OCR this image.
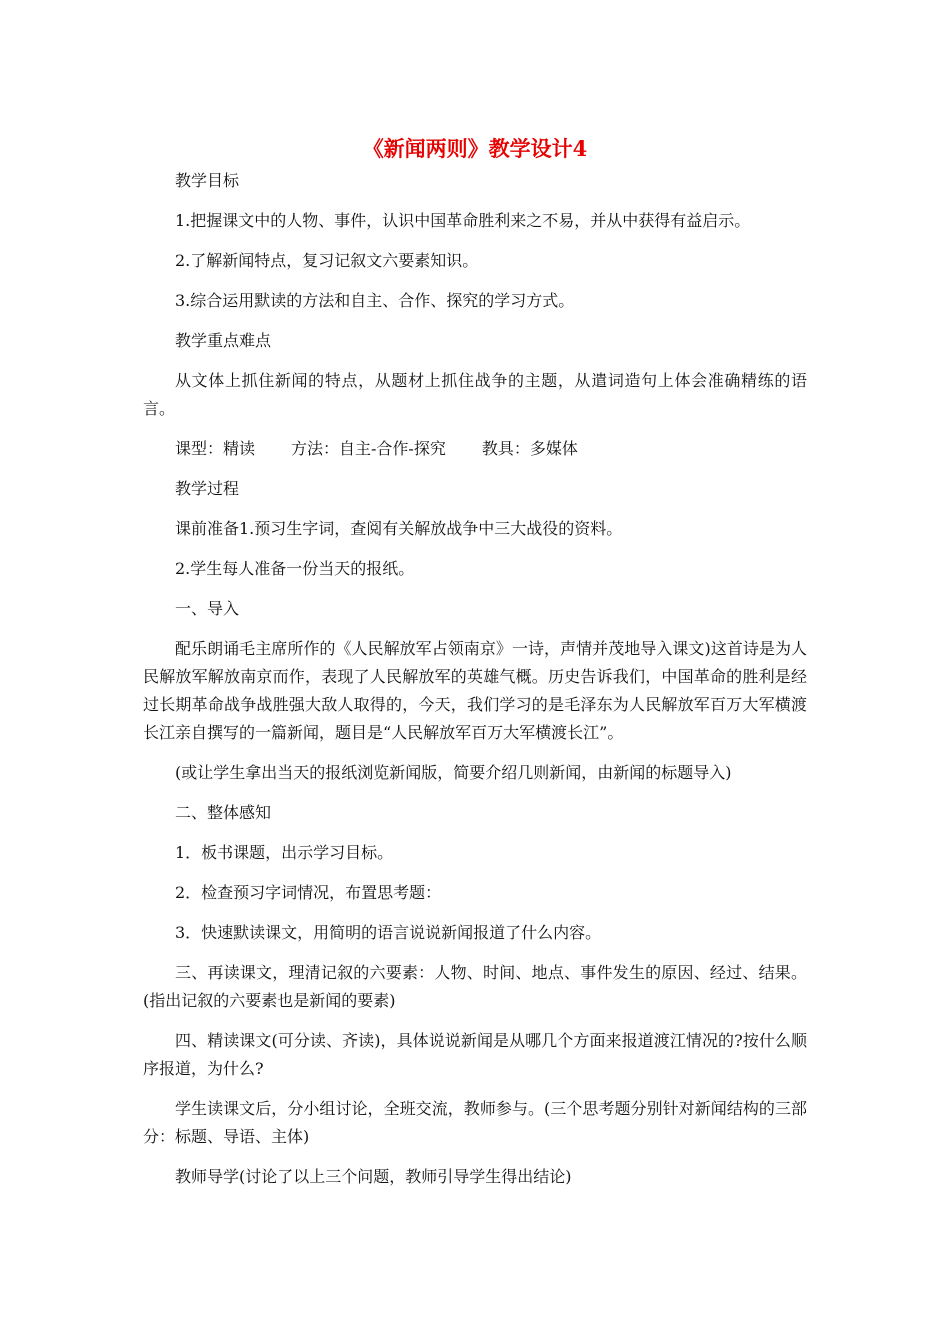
《新闻两则》教学设计4

教学目标

1.把握课文中的人物、事件，认识中国革命胜利来之不易，并从中获得有益启示。

2.了解新闻特点，复习记叙文六要素知识。

3.综合运用默读的方法和自主、合作、探究的学习方式。

教学重点难点

从文体上抓住新闻的特点，从题材上抓住战争的主题，从遣词造句上体会准确精练的语言。

课型：精读 方法：自主-合作-探究 教具：多媒体

教学过程

课前准备1.预习生字词，查阅有关解放战争中三大战役的资料。

2.学生每人准备一份当天的报纸。

一、导入

配乐朗诵毛主席所作的《人民解放军占领南京》一诗，声情并茂地导入课文)这首诗是为人民解放军解放南京而作，表现了人民解放军的英雄气概。历史告诉我们，中国革命的胜利是经过长期革命战争战胜强大敌人取得的，今天，我们学习的是毛泽东为人民解放军百万大军横渡长江亲自撰写的一篇新闻，题目是“人民解放军百万大军横渡长江”。

(或让学生拿出当天的报纸浏览新闻版，简要介绍几则新闻，由新闻的标题导入)

二、整体感知

1．板书课题，出示学习目标。

2．检查预习字词情况，布置思考题：

3．快速默读课文，用简明的语言说说新闻报道了什么内容。

三、再读课文，理清记叙的六要素：人物、时间、地点、事件发生的原因、经过、结果。(指出记叙的六要素也是新闻的要素)

四、精读课文(可分读、齐读)，具体说说新闻是从哪几个方面来报道渡江情况的?按什么顺序报道，为什么?

学生读课文后，分小组讨论，全班交流，教师参与。(三个思考题分别针对新闻结构的三部分：标题、导语、主体)

教师导学(讨论了以上三个问题，教师引导学生得出结论)
